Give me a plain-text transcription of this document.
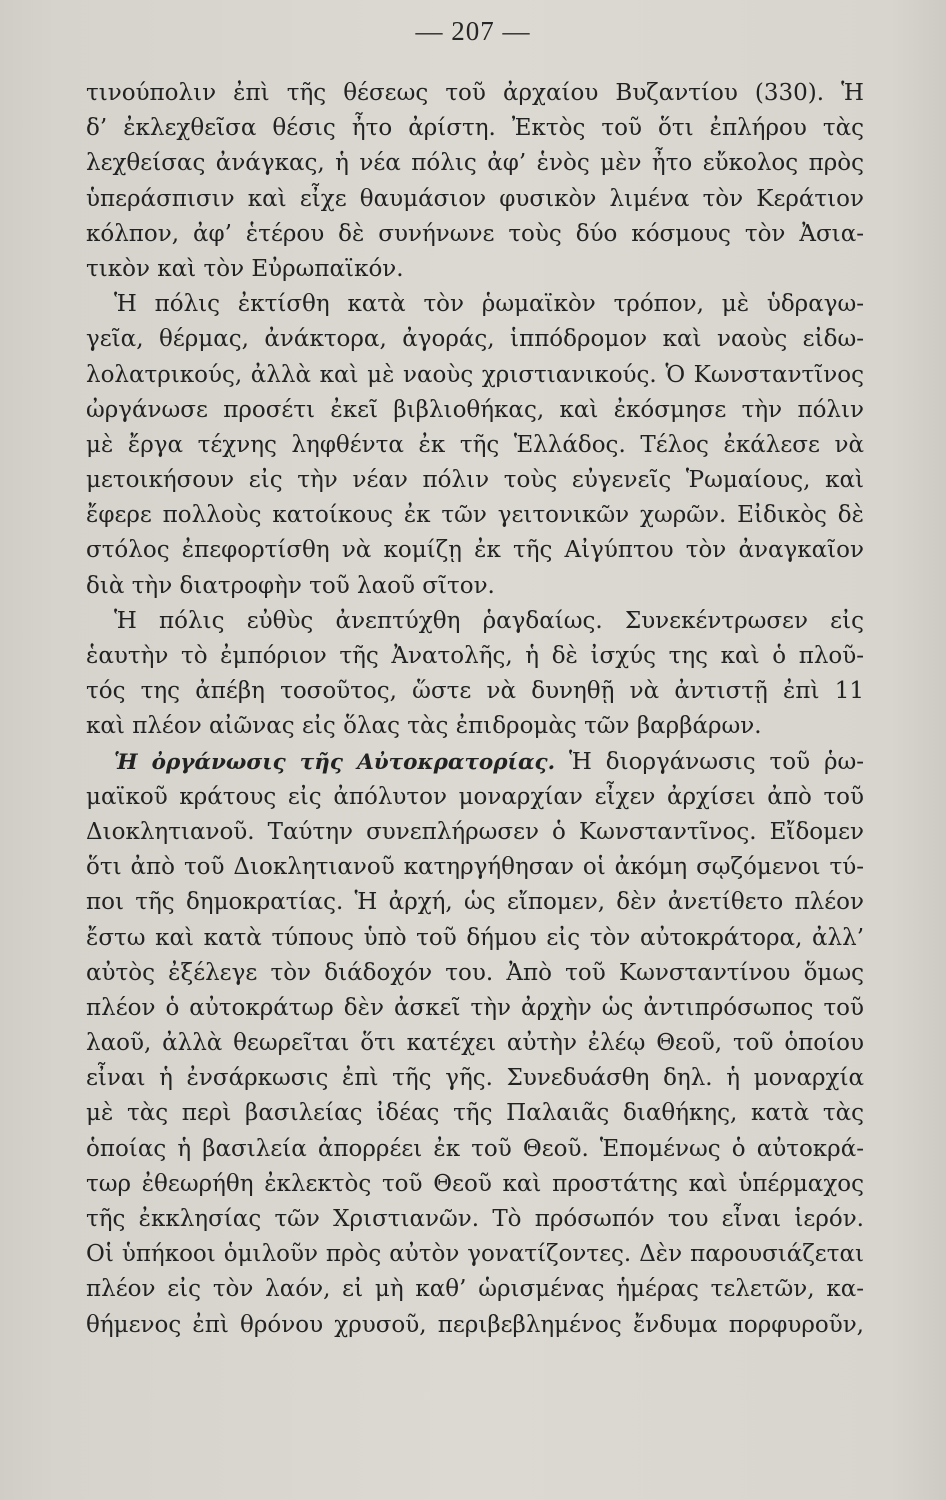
— 207 —
τινούπολιν ἐπὶ τῆς θέσεως τοῦ ἀρχαίου Βυζαντίου (330). Ἡ
δ’ ἐκλεχθεῖσα θέσις ἦτο ἀρίστη. Ἐκτὸς τοῦ ὅτι ἐπλήρου τὰς
λεχθείσας ἀνάγκας, ἡ νέα πόλις ἀφ’ ἑνὸς μὲν ἦτο εὔκολος πρὸς
ὑπεράσπισιν καὶ εἶχε θαυμάσιον φυσικὸν λιμένα τὸν Κεράτιον
κόλπον, ἀφ’ ἑτέρου δὲ συνήνωνε τοὺς δύο κόσμους τὸν Ἀσια-
τικὸν καὶ τὸν Εὐρωπαϊκόν.
Ἡ πόλις ἐκτίσθη κατὰ τὸν ῥωμαϊκὸν τρόπον, μὲ ὑδραγω-
γεῖα, θέρμας, ἀνάκτορα, ἀγοράς, ἱππόδρομον καὶ ναοὺς εἰδω-
λολατρικούς, ἀλλὰ καὶ μὲ ναοὺς χριστιανικούς. Ὁ Κωνσταντῖνος
ὠργάνωσε προσέτι ἐκεῖ βιβλιοθήκας, καὶ ἐκόσμησε τὴν πόλιν
μὲ ἔργα τέχνης ληφθέντα ἐκ τῆς Ἑλλάδος. Τέλος ἐκάλεσε νὰ
μετοικήσουν εἰς τὴν νέαν πόλιν τοὺς εὐγενεῖς Ῥωμαίους, καὶ
ἔφερε πολλοὺς κατοίκους ἐκ τῶν γειτονικῶν χωρῶν. Εἰδικὸς δὲ
στόλος ἐπεφορτίσθη νὰ κομίζῃ ἐκ τῆς Αἰγύπτου τὸν ἀναγκαῖον
διὰ τὴν διατροφὴν τοῦ λαοῦ σῖτον.
Ἡ πόλις εὐθὺς ἀνεπτύχθη ῥαγδαίως. Συνεκέντρωσεν εἰς
ἑαυτὴν τὸ ἐμπόριον τῆς Ἀνατολῆς, ἡ δὲ ἰσχύς της καὶ ὁ πλοῦ-
τός της ἀπέβη τοσοῦτος, ὥστε νὰ δυνηθῇ νὰ ἀντιστῇ ἐπὶ 11
καὶ πλέον αἰῶνας εἰς ὅλας τὰς ἐπιδρομὰς τῶν βαρβάρων.
Ἡ ὀργάνωσις τῆς Αὐτοκρατορίας. Ἡ διοργάνωσις τοῦ ῥω-
μαϊκοῦ κράτους εἰς ἀπόλυτον μοναρχίαν εἶχεν ἀρχίσει ἀπὸ τοῦ
Διοκλητιανοῦ. Ταύτην συνεπλήρωσεν ὁ Κωνσταντῖνος. Εἴδομεν
ὅτι ἀπὸ τοῦ Διοκλητιανοῦ κατηργήθησαν οἱ ἀκόμη σῳζόμενοι τύ-
ποι τῆς δημοκρατίας. Ἡ ἀρχή, ὡς εἴπομεν, δὲν ἀνετίθετο πλέον
ἔστω καὶ κατὰ τύπους ὑπὸ τοῦ δήμου εἰς τὸν αὐτοκράτορα, ἀλλ’
αὐτὸς ἐξέλεγε τὸν διάδοχόν του. Ἀπὸ τοῦ Κωνσταντίνου ὅμως
πλέον ὁ αὐτοκράτωρ δὲν ἀσκεῖ τὴν ἀρχὴν ὡς ἀντιπρόσωπος τοῦ
λαοῦ, ἀλλὰ θεωρεῖται ὅτι κατέχει αὐτὴν ἐλέῳ Θεοῦ, τοῦ ὁποίου
εἶναι ἡ ἐνσάρκωσις ἐπὶ τῆς γῆς. Συνεδυάσθη δηλ. ἡ μοναρχία
μὲ τὰς περὶ βασιλείας ἰδέας τῆς Παλαιᾶς διαθήκης, κατὰ τὰς
ὁποίας ἡ βασιλεία ἀπορρέει ἐκ τοῦ Θεοῦ. Ἑπομένως ὁ αὐτοκρά-
τωρ ἐθεωρήθη ἐκλεκτὸς τοῦ Θεοῦ καὶ προστάτης καὶ ὑπέρμαχος
τῆς ἐκκλησίας τῶν Χριστιανῶν. Τὸ πρόσωπόν του εἶναι ἱερόν.
Οἱ ὑπήκοοι ὁμιλοῦν πρὸς αὐτὸν γονατίζοντες. Δὲν παρουσιάζεται
πλέον εἰς τὸν λαόν, εἰ μὴ καθ’ ὡρισμένας ἡμέρας τελετῶν, κα-
θήμενος ἐπὶ θρόνου χρυσοῦ, περιβεβλημένος ἔνδυμα πορφυροῦν,
